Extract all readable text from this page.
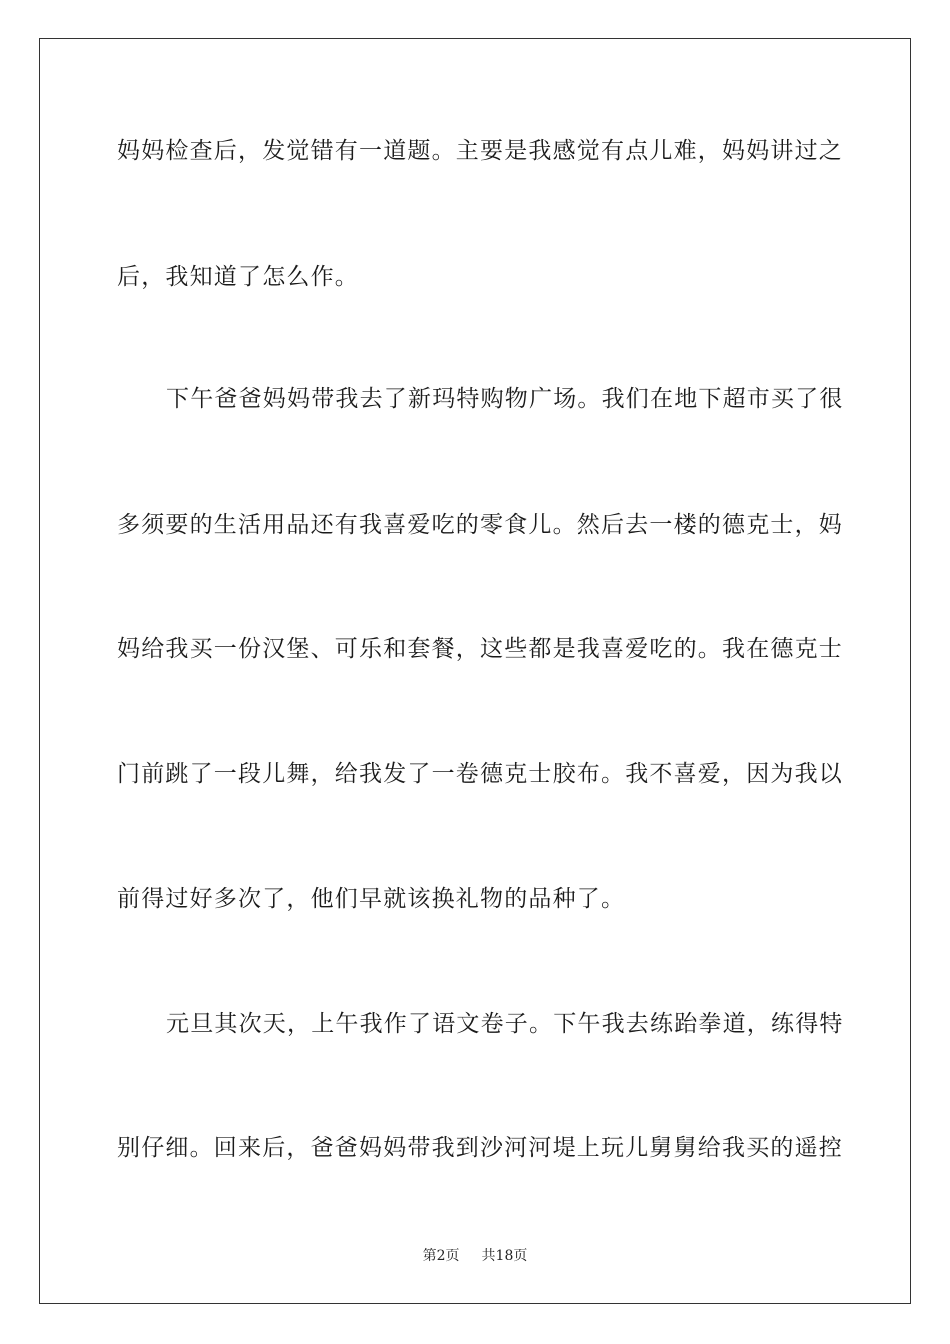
妈妈检查后，发觉错有一道题。主要是我感觉有点儿难，妈妈讲过之
后，我知道了怎么作。
下午爸爸妈妈带我去了新玛特购物广场。我们在地下超市买了很
多须要的生活用品还有我喜爱吃的零食儿。然后去一楼的德克士，妈
妈给我买一份汉堡、可乐和套餐，这些都是我喜爱吃的。我在德克士
门前跳了一段儿舞，给我发了一卷德克士胶布。我不喜爱，因为我以
前得过好多次了，他们早就该换礼物的品种了。
元旦其次天，上午我作了语文卷子。下午我去练跆拳道，练得特
别仔细。回来后，爸爸妈妈带我到沙河河堤上玩儿舅舅给我买的遥控
第2页 共18页
